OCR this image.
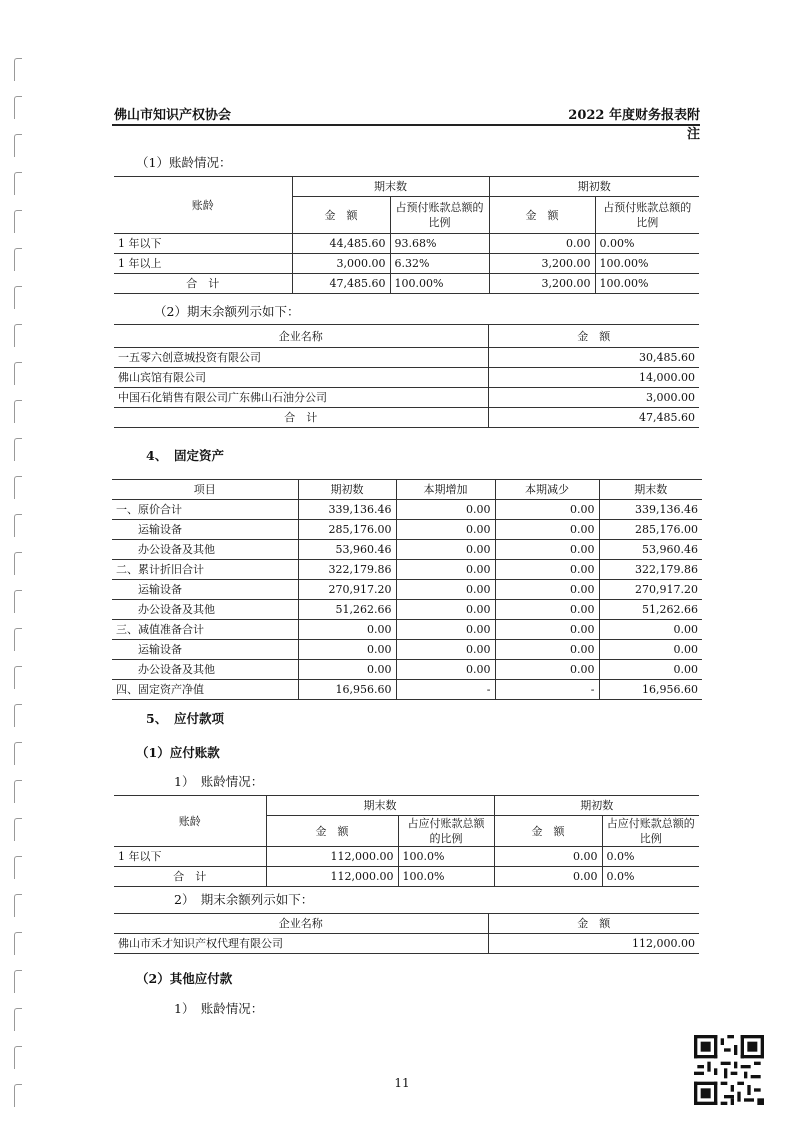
佛山市知识产权协会	2022 年度财务报表附注
（1）账龄情况：
账龄	期末数		期初数	
	金　额	占预付账款总额的比例	金　额	占预付账款总额的比例
1 年以下	44,485.60	93.68%	0.00	0.00%
1 年以上	3,000.00	6.32%	3,200.00	100.00%
合　计	47,485.60	100.00%	3,200.00	100.00%
（2）期末余额列示如下：
企业名称	金　额
一五零六创意城投资有限公司	30,485.60
佛山宾馆有限公司	14,000.00
中国石化销售有限公司广东佛山石油分公司	3,000.00
合　计	47,485.60
4、 固定资产
项目	期初数	本期增加	本期减少	期末数
一、原价合计	339,136.46	0.00	0.00	339,136.46
运输设备	285,176.00	0.00	0.00	285,176.00
办公设备及其他	53,960.46	0.00	0.00	53,960.46
二、累计折旧合计	322,179.86	0.00	0.00	322,179.86
运输设备	270,917.20	0.00	0.00	270,917.20
办公设备及其他	51,262.66	0.00	0.00	51,262.66
三、减值准备合计	0.00	0.00	0.00	0.00
运输设备	0.00	0.00	0.00	0.00
办公设备及其他	0.00	0.00	0.00	0.00
四、固定资产净值	16,956.60	-	-	16,956.60
5、 应付款项
（1）应付账款
1）　账龄情况：
账龄	期末数		期初数	
	金　额	占应付账款总额的比例	金　额	占应付账款总额的比例
1 年以下	112,000.00	100.0%	0.00	0.0%
合　计	112,000.00	100.0%	0.00	0.0%
2）　期末余额列示如下：
企业名称	金　额
佛山市禾才知识产权代理有限公司	112,000.00
（2）其他应付款
1）　账龄情况：
11
